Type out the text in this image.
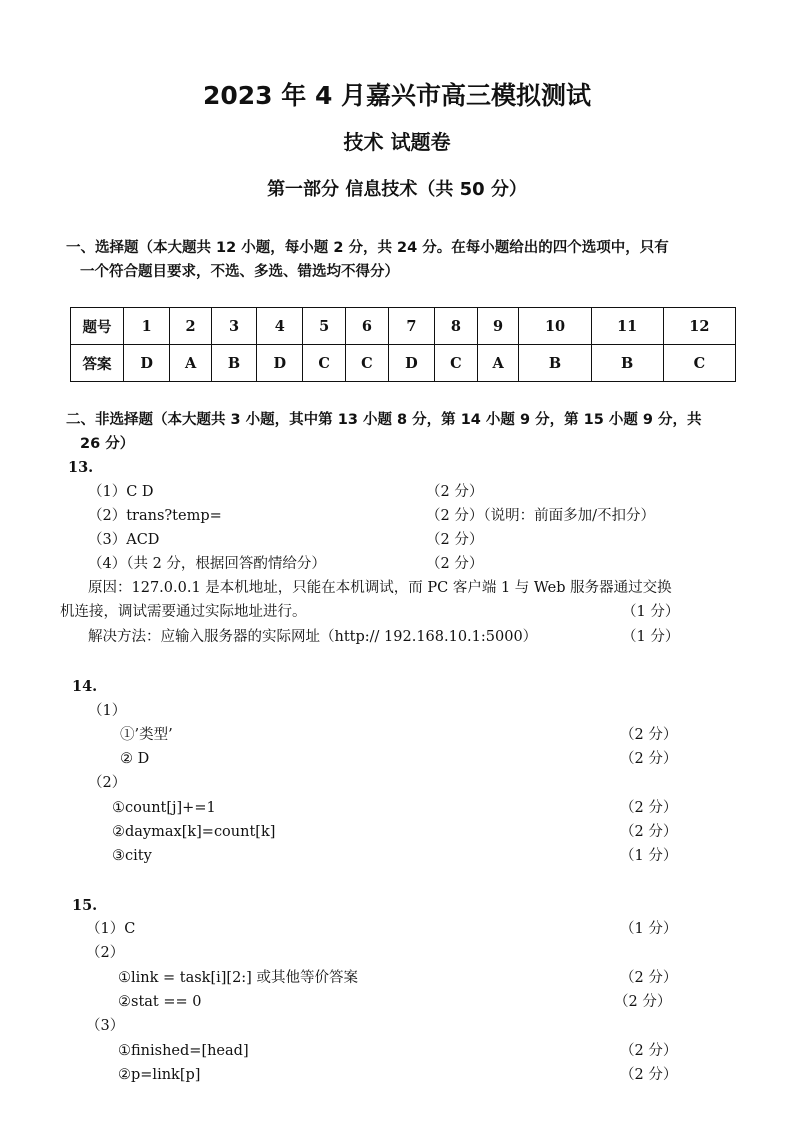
2023 年 4 月嘉兴市高三模拟测试
技术 试题卷
第一部分 信息技术（共 50 分）
一、选择题（本大题共 12 小题，每小题 2 分，共 24 分。在每小题给出的四个选项中，只有
一个符合题目要求，不选、多选、错选均不得分）
题号	1	2	3	4	5	6	7	8	9	10	11	12
答案	D	A	B	D	C	C	D	C	A	B	B	C
二、非选择题（本大题共 3 小题，其中第 13 小题 8 分，第 14 小题 9 分，第 15 小题 9 分，共
26 分）
13.
（1）C D	（2 分）
（2）trans?temp=	（2 分）（说明：前面多加/不扣分）
（3）ACD	（2 分）
（4）（共 2 分，根据回答酌情给分）	（2 分）
原因：127.0.0.1 是本机地址，只能在本机调试，而 PC 客户端 1 与 Web 服务器通过交换
机连接，调试需要通过实际地址进行。	（1 分）
解决方法：应输入服务器的实际网址（http:// 192.168.10.1:5000）	（1 分）
14.
（1）
①’类型’	（2 分）
② D	（2 分）
（2）
①count[j]+=1	（2 分）
②daymax[k]=count[k]	（2 分）
③city	（1 分）
15.
（1）C	（1 分）
（2）
①link = task[i][2:] 或其他等价答案	（2 分）
②stat == 0	（2 分）
（3）
①finished=[head]	（2 分）
②p=link[p]	（2 分）
